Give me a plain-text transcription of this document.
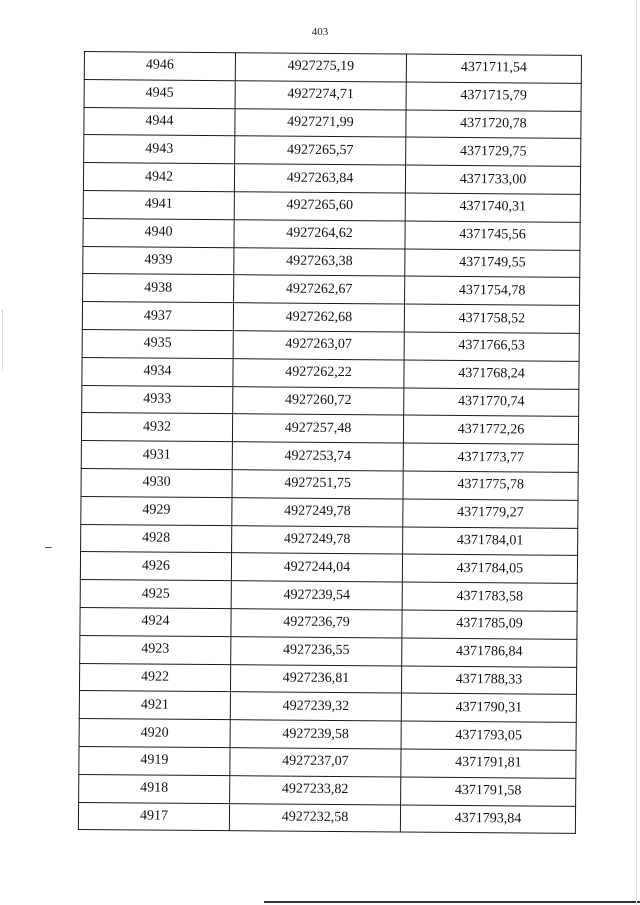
403
4946	4927275,19	4371711,54
4945	4927274,71	4371715,79
4944	4927271,99	4371720,78
4943	4927265,57	4371729,75
4942	4927263,84	4371733,00
4941	4927265,60	4371740,31
4940	4927264,62	4371745,56
4939	4927263,38	4371749,55
4938	4927262,67	4371754,78
4937	4927262,68	4371758,52
4935	4927263,07	4371766,53
4934	4927262,22	4371768,24
4933	4927260,72	4371770,74
4932	4927257,48	4371772,26
4931	4927253,74	4371773,77
4930	4927251,75	4371775,78
4929	4927249,78	4371779,27
4928	4927249,78	4371784,01
4926	4927244,04	4371784,05
4925	4927239,54	4371783,58
4924	4927236,79	4371785,09
4923	4927236,55	4371786,84
4922	4927236,81	4371788,33
4921	4927239,32	4371790,31
4920	4927239,58	4371793,05
4919	4927237,07	4371791,81
4918	4927233,82	4371791,58
4917	4927232,58	4371793,84
